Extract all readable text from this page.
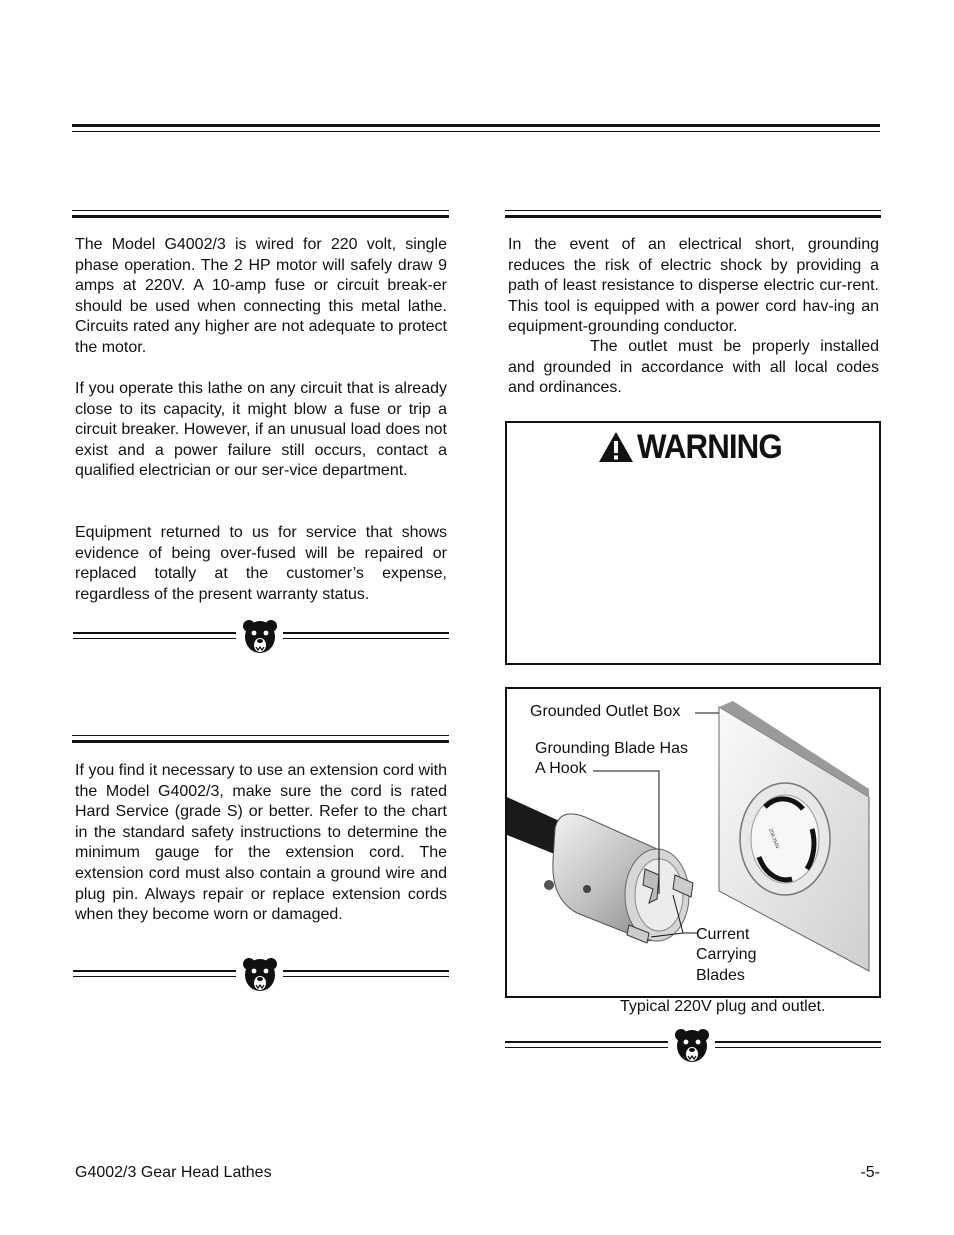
The Model G4002/3 is wired for 220 volt, single phase operation. The 2 HP motor will safely draw 9 amps at 220V. A 10-amp fuse or circuit break-er should be used when connecting this metal lathe. Circuits rated any higher are not adequate to protect the motor.
If you operate this lathe on any circuit that is already close to its capacity, it might blow a fuse or trip a circuit breaker. However, if an unusual load does not exist and a power failure still occurs, contact a qualified electrician or our ser-vice department.
Equipment returned to us for service that shows evidence of being over-fused will be repaired or replaced totally at the customer’s expense, regardless of the present warranty status.
If you find it necessary to use an extension cord with the Model G4002/3, make sure the cord is rated Hard Service (grade S) or better. Refer to the chart in the standard safety instructions to determine the minimum gauge for the extension cord. The extension cord must also contain a ground wire and plug pin. Always repair or replace extension cords when they become worn or damaged.
In the event of an electrical short, grounding reduces the risk of electric shock by providing a path of least resistance to disperse electric cur-rent. This tool is equipped with a power cord hav-ing an equipment-grounding conductor.
The outlet must be properly installed and grounded in accordance with all local codes and ordinances.
WARNING
20A 250V
Grounded Outlet Box
Grounding Blade Has
A Hook
Current
Carrying
Blades
Typical 220V plug and outlet.
G4002/3 Gear Head Lathes	-5-
